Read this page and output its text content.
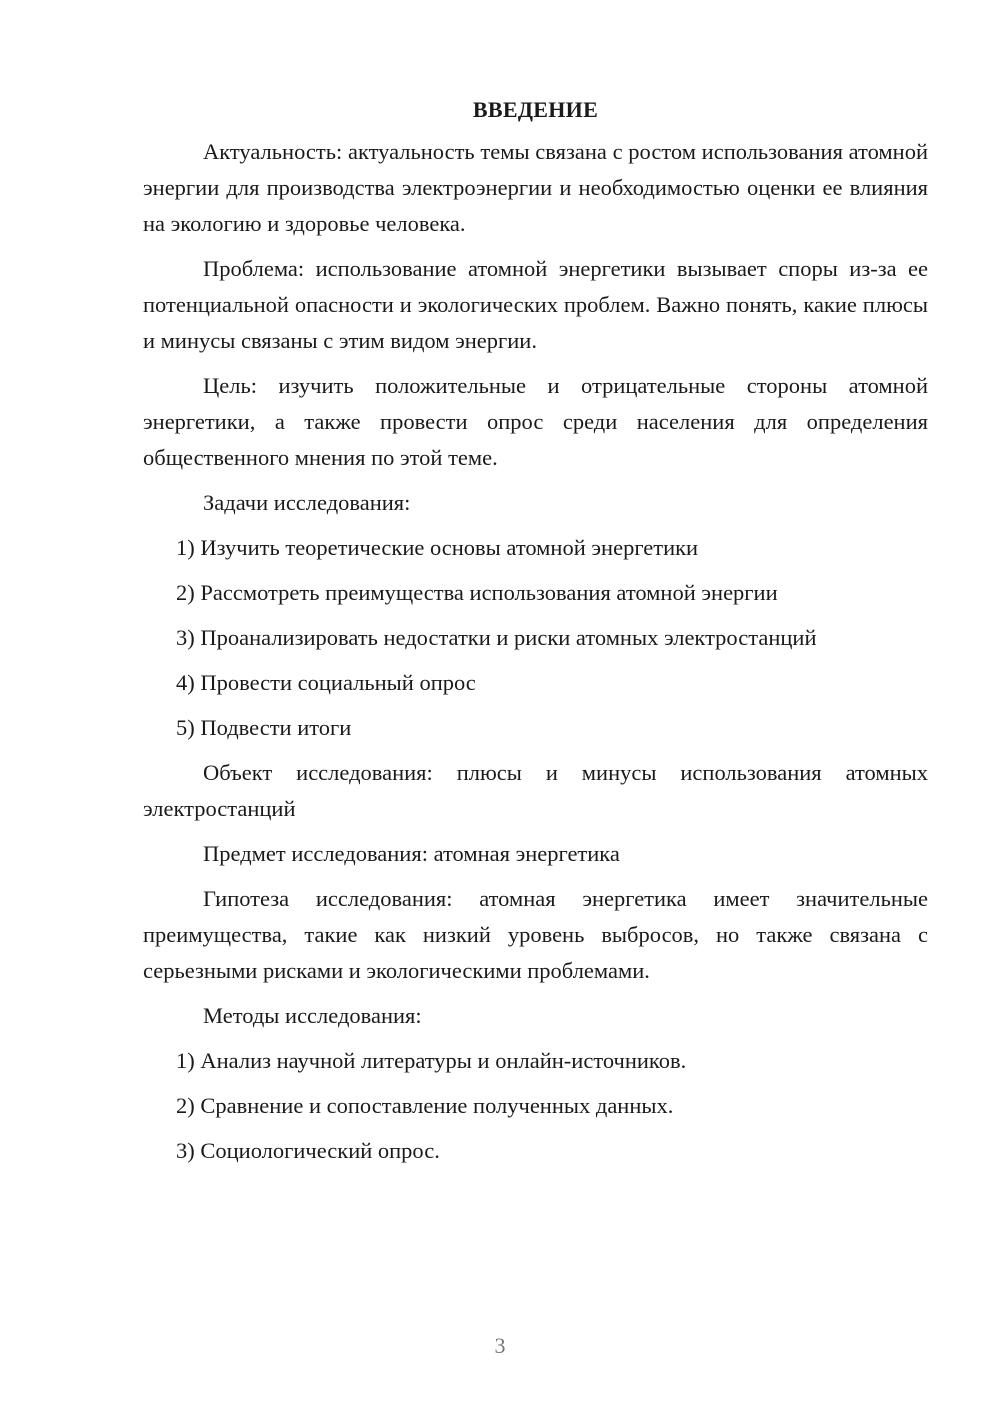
ВВЕДЕНИЕ

Актуальность: актуальность темы связана с ростом использования атомной энергии для производства электроэнергии и необходимостью оценки ее влияния на экологию и здоровье человека.

Проблема: использование атомной энергетики вызывает споры из-за ее потенциальной опасности и экологических проблем. Важно понять, какие плюсы и минусы связаны с этим видом энергии.

Цель: изучить положительные и отрицательные стороны атомной энергетики, а также провести опрос среди населения для определения общественного мнения по этой теме.

Задачи исследования:
1) Изучить теоретические основы атомной энергетики
2) Рассмотреть преимущества использования атомной энергии
3) Проанализировать недостатки и риски атомных электростанций
4) Провести социальный опрос
5) Подвести итоги

Объект исследования: плюсы и минусы использования атомных электростанций

Предмет исследования: атомная энергетика

Гипотеза исследования: атомная энергетика имеет значительные преимущества, такие как низкий уровень выбросов, но также связана с серьезными рисками и экологическими проблемами.

Методы исследования:
1) Анализ научной литературы и онлайн-источников.
2) Сравнение и сопоставление полученных данных.
3) Социологический опрос.
3
